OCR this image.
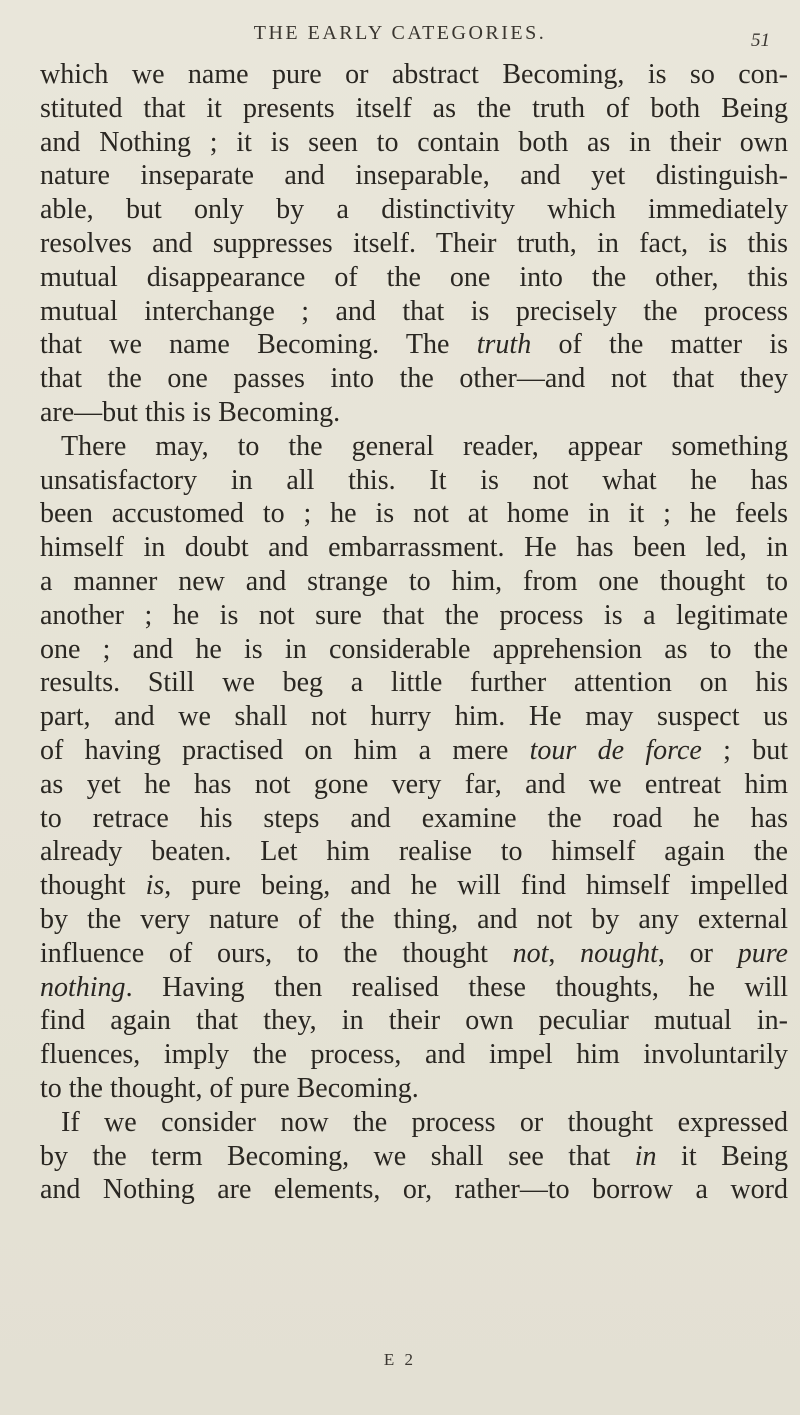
THE EARLY CATEGORIES.	51
which we name pure or abstract Becoming, is so con-
stituted that it presents itself as the truth of both Being
and Nothing ; it is seen to contain both as in their own
nature inseparate and inseparable, and yet distinguish-
able, but only by a distinctivity which immediately
resolves and suppresses itself. Their truth, in fact, is this
mutual disappearance of the one into the other, this
mutual interchange ; and that is precisely the process
that we name Becoming. The truth of the matter is
that the one passes into the other—and not that they
are—but this is Becoming.
There may, to the general reader, appear something
unsatisfactory in all this. It is not what he has
been accustomed to ; he is not at home in it ; he feels
himself in doubt and embarrassment. He has been led, in
a manner new and strange to him, from one thought to
another ; he is not sure that the process is a legitimate
one ; and he is in considerable apprehension as to the
results. Still we beg a little further attention on his
part, and we shall not hurry him. He may suspect us
of having practised on him a mere tour de force ; but
as yet he has not gone very far, and we entreat him
to retrace his steps and examine the road he has
already beaten. Let him realise to himself again the
thought is, pure being, and he will find himself impelled
by the very nature of the thing, and not by any external
influence of ours, to the thought not, nought, or pure
nothing. Having then realised these thoughts, he will
find again that they, in their own peculiar mutual in-
fluences, imply the process, and impel him involuntarily
to the thought, of pure Becoming.
If we consider now the process or thought expressed
by the term Becoming, we shall see that in it Being
and Nothing are elements, or, rather—to borrow a word
E 2
